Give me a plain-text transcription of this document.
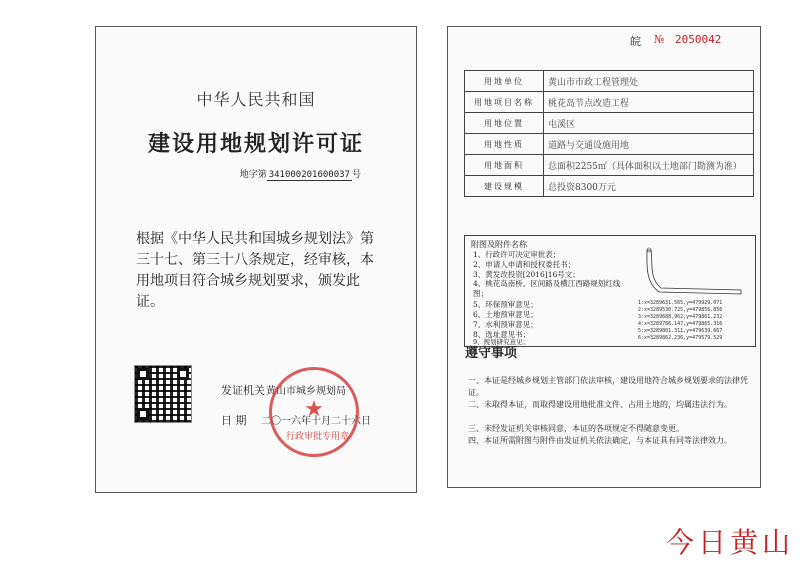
中华人民共和国
建设用地规划许可证
地字第 341000201600037 号
根据《中华人民共和国城乡规划法》第三十七、第三十八条规定，经审核，本用地项目符合城乡规划要求，颁发此证。
发证机关 黄山市城乡规划局
日 期 二〇一六年十月二十六日
★
行政审批专用章
皖 № 2050042
用地单位	黄山市市政工程管理处
用地项目名称	桃花岛节点改造工程
用地位置	屯溪区
用地性质	道路与交通设施用地
用地面积	总面积2255㎡（具体面积以土地部门勘测为准）
建设规模	总投资8300万元
附图及附件名称
1、行政许可决定审批表；
2、申请人申请和授权委托书；
3、黄发改投资[2016]16号文；
4、桃花岛南桥、区间路及横江西路规划红线图；
5、环保预审意见；
6、土地预审意见；
7、水利预审意见；
8、选址意见书；
9、规划研究意见；
1:x=3289631.565,y=479929.071
2:x=3289530.725,y=479856.856
3:x=3289688.962,y=479861.232
4:x=3289786.147,y=479865.316
5:x=3289801.311,y=479639.667
6:x=3289862.236,y=479579.529
遵守事项
一、本证是经城乡规划主管部门依法审核，建设用地符合城乡规划要求的法律凭证。
二、未取得本证，而取得建设用地批准文件、占用土地的，均属违法行为。
三、未经发证机关审核同意，本证的各项规定不得随意变更。
四、本证所需附图与附件由发证机关依法确定，与本证具有同等法律效力。
今日黄山
